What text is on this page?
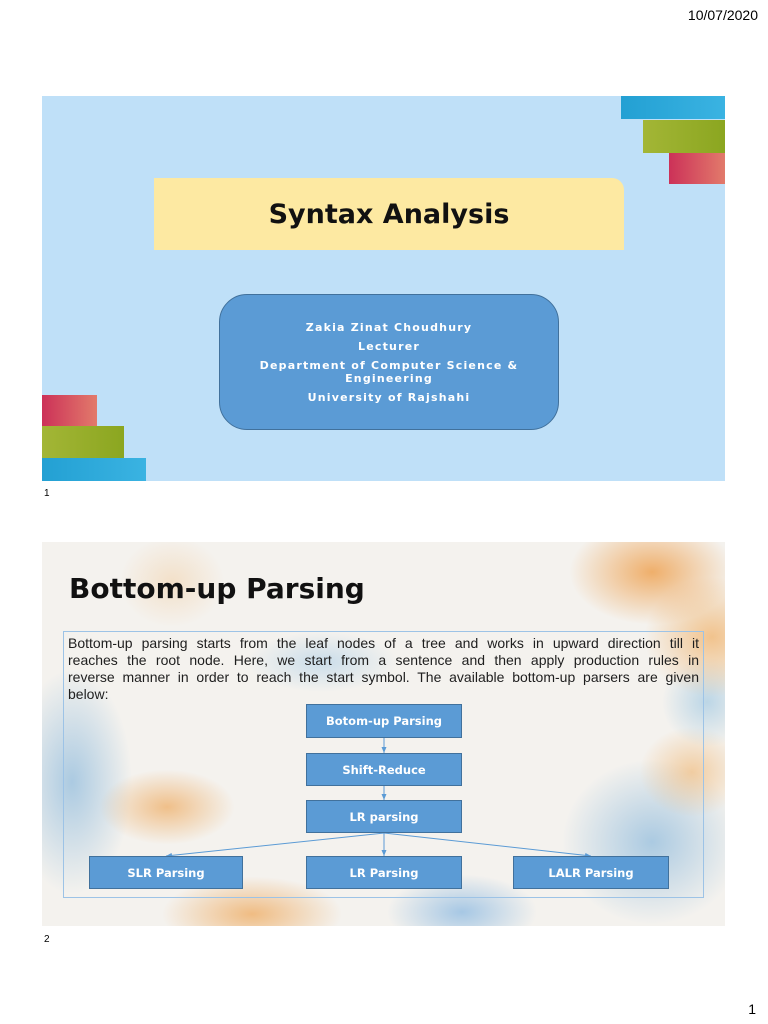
10/07/2020
Syntax Analysis
Zakia Zinat Choudhury
Lecturer
Department of Computer Science & Engineering
University of Rajshahi
1
Bottom-up Parsing
Bottom-up parsing starts from the leaf nodes of a tree and works in upward direction till it
reaches the root node. Here, we start from a sentence and then apply production rules in
reverse manner in order to reach the start symbol. The available bottom-up parsers are given
below:
Botom-up Parsing
Shift-Reduce
LR parsing
SLR Parsing	LR Parsing	LALR Parsing
2
1
